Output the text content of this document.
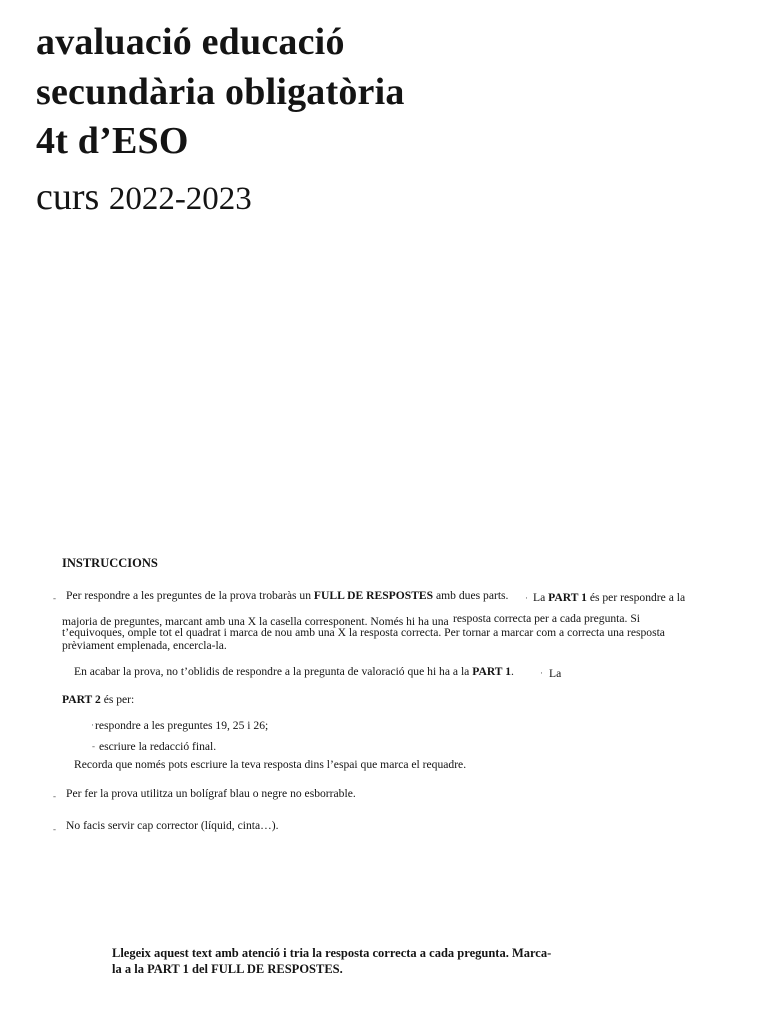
avaluació educació
secundària obligatòria
4t d’ESO
curs 2022-2023
INSTRUCCIONS
- Per respondre a les preguntes de la prova trobaràs un FULL DE RESPOSTES amb dues parts. · La PART 1 és per respondre a la
majoria de preguntes, marcant amb una X la casella corresponent. Només hi ha una resposta correcta per a cada pregunta. Si
t’equivoques, omple tot el quadrat i marca de nou amb una X la resposta correcta. Per tornar a marcar com a correcta una resposta
prèviament emplenada, encercla-la.
En acabar la prova, no t’oblidis de respondre a la pregunta de valoració que hi ha a la PART 1.	· La
PART 2 és per:
· respondre a les preguntes 19, 25 i 26;
- escriure la redacció final.
Recorda que només pots escriure la teva resposta dins l’espai que marca el requadre.
- Per fer la prova utilitza un bolígraf blau o negre no esborrable.
- No facis servir cap corrector (líquid, cinta…).
Llegeix aquest text amb atenció i tria la resposta correcta a cada pregunta. Marca-
la a la PART 1 del FULL DE RESPOSTES.
